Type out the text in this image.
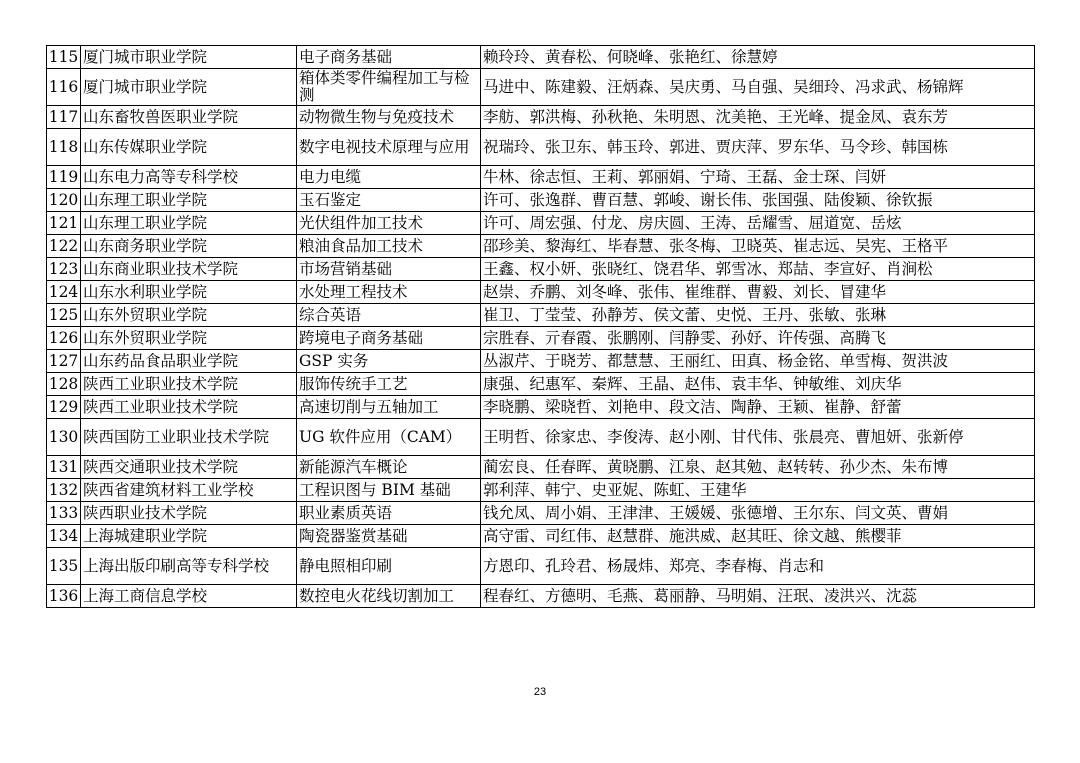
115	厦门城市职业学院	电子商务基础	赖玲玲、黄春松、何晓峰、张艳红、徐慧婷
116	厦门城市职业学院	箱体类零件编程加工与检测	马进中、陈建毅、汪炳森、吴庆勇、马自强、吴细玲、冯求武、杨锦辉
117	山东畜牧兽医职业学院	动物微生物与免疫技术	李舫、郭洪梅、孙秋艳、朱明恩、沈美艳、王光峰、提金凤、袁东芳
118	山东传媒职业学院	数字电视技术原理与应用	祝瑞玲、张卫东、韩玉玲、郭进、贾庆萍、罗东华、马令珍、韩国栋
119	山东电力高等专科学校	电力电缆	牛林、徐志恒、王莉、郭丽娟、宁琦、王磊、金士琛、闫妍
120	山东理工职业学院	玉石鉴定	许可、张逸群、曹百慧、郭峻、谢长伟、张国强、陆俊颖、徐钦振
121	山东理工职业学院	光伏组件加工技术	许可、周宏强、付龙、房庆圆、王涛、岳耀雪、屈道宽、岳炫
122	山东商务职业学院	粮油食品加工技术	邵珍美、黎海红、毕春慧、张冬梅、卫晓英、崔志远、吴宪、王格平
123	山东商业职业技术学院	市场营销基础	王鑫、权小妍、张晓红、饶君华、郭雪冰、郑喆、李宣好、肖涧松
124	山东水利职业学院	水处理工程技术	赵崇、乔鹏、刘冬峰、张伟、崔维群、曹毅、刘长、冒建华
125	山东外贸职业学院	综合英语	崔卫、丁莹莹、孙静芳、侯文蕾、史悦、王丹、张敏、张琳
126	山东外贸职业学院	跨境电子商务基础	宗胜春、亓春霞、张鹏刚、闫静雯、孙妤、许传强、高腾飞
127	山东药品食品职业学院	GSP 实务	丛淑芹、于晓芳、都慧慧、王丽红、田真、杨金铭、单雪梅、贺洪波
128	陕西工业职业技术学院	服饰传统手工艺	康强、纪惠军、秦辉、王晶、赵伟、袁丰华、钟敏维、刘庆华
129	陕西工业职业技术学院	高速切削与五轴加工	李晓鹏、梁晓哲、刘艳申、段文洁、陶静、王颖、崔静、舒蕾
130	陕西国防工业职业技术学院	UG 软件应用（CAM）	王明哲、徐家忠、李俊涛、赵小刚、甘代伟、张晨亮、曹旭妍、张新停
131	陕西交通职业技术学院	新能源汽车概论	蔺宏良、任春晖、黄晓鹏、江泉、赵其勉、赵转转、孙少杰、朱布博
132	陕西省建筑材料工业学校	工程识图与 BIM 基础	郭利萍、韩宁、史亚妮、陈虹、王建华
133	陕西职业技术学院	职业素质英语	钱允凤、周小娟、王津津、王媛媛、张德增、王尔东、闫文英、曹娟
134	上海城建职业学院	陶瓷器鉴赏基础	高守雷、司红伟、赵慧群、施洪威、赵其旺、徐文越、熊樱菲
135	上海出版印刷高等专科学校	静电照相印刷	方恩印、孔玲君、杨晟炜、郑亮、李春梅、肖志和
136	上海工商信息学校	数控电火花线切割加工	程春红、方德明、毛燕、葛丽静、马明娟、汪珉、凌洪兴、沈蕊
23
